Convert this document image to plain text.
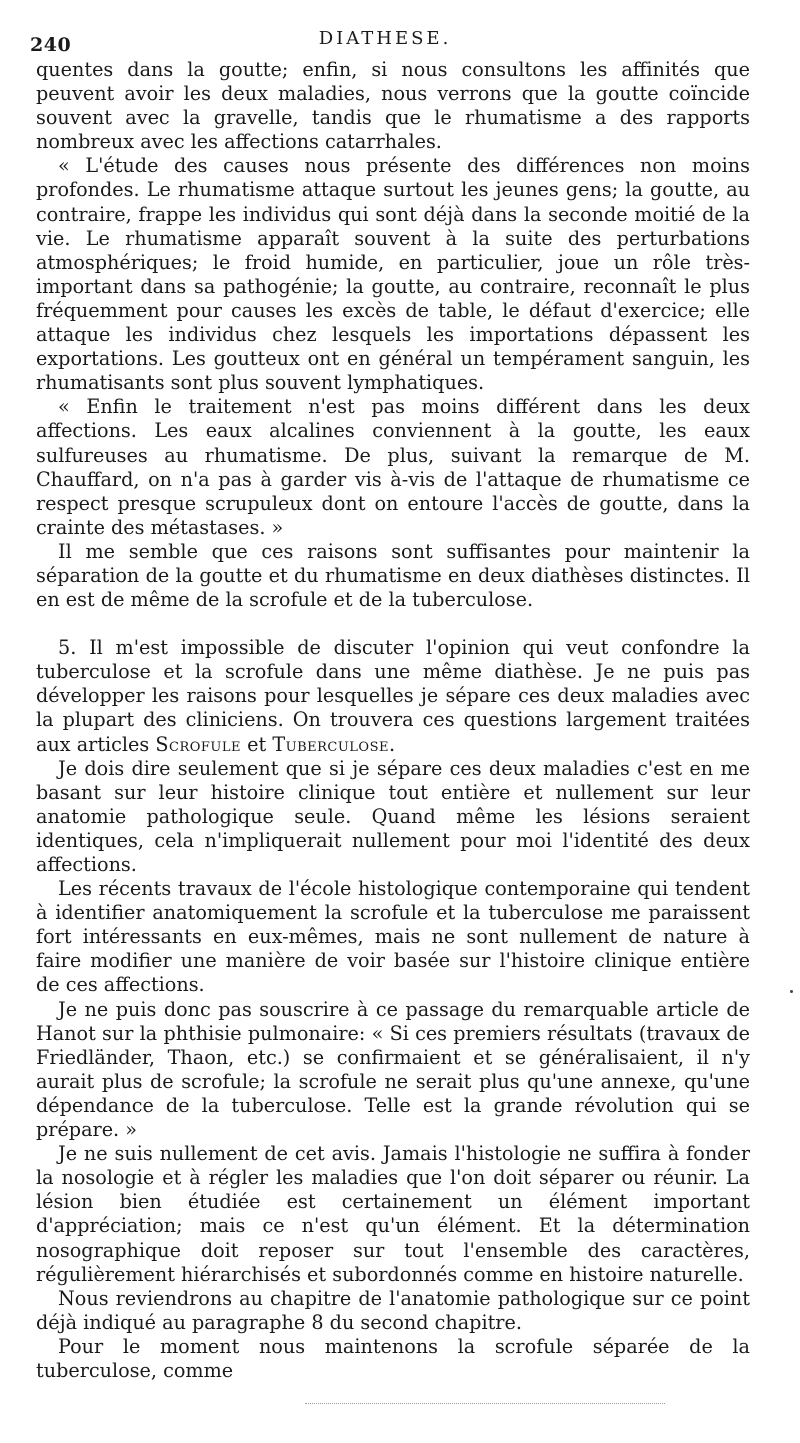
240	DIATHESE.

quentes dans la goutte; enfin, si nous consultons les affinités que peuvent avoir les deux maladies, nous verrons que la goutte coïncide souvent avec la gravelle, tandis que le rhumatisme a des rapports nombreux avec les affections catarrhales.

« L'étude des causes nous présente des différences non moins profondes. Le rhumatisme attaque surtout les jeunes gens; la goutte, au contraire, frappe les individus qui sont déjà dans la seconde moitié de la vie. Le rhumatisme apparaît souvent à la suite des perturbations atmosphériques; le froid humide, en particulier, joue un rôle très-important dans sa pathogénie; la goutte, au contraire, reconnaît le plus fréquemment pour causes les excès de table, le défaut d'exercice; elle attaque les individus chez lesquels les importations dépassent les exportations. Les goutteux ont en général un tempérament sanguin, les rhumatisants sont plus souvent lymphatiques.

« Enfin le traitement n'est pas moins différent dans les deux affections. Les eaux alcalines conviennent à la goutte, les eaux sulfureuses au rhumatisme. De plus, suivant la remarque de M. Chauffard, on n'a pas à garder vis à-vis de l'attaque de rhumatisme ce respect presque scrupuleux dont on entoure l'accès de goutte, dans la crainte des métastases. »

Il me semble que ces raisons sont suffisantes pour maintenir la séparation de la goutte et du rhumatisme en deux diathèses distinctes. Il en est de même de la scrofule et de la tuberculose.

5. Il m'est impossible de discuter l'opinion qui veut confondre la tuberculose et la scrofule dans une même diathèse. Je ne puis pas développer les raisons pour lesquelles je sépare ces deux maladies avec la plupart des cliniciens. On trouvera ces questions largement traitées aux articles Scrofule et Tuberculose.

Je dois dire seulement que si je sépare ces deux maladies c'est en me basant sur leur histoire clinique tout entière et nullement sur leur anatomie pathologique seule. Quand même les lésions seraient identiques, cela n'impliquerait nullement pour moi l'identité des deux affections.

Les récents travaux de l'école histologique contemporaine qui tendent à identifier anatomiquement la scrofule et la tuberculose me paraissent fort intéressants en eux-mêmes, mais ne sont nullement de nature à faire modifier une manière de voir basée sur l'histoire clinique entière de ces affections.

Je ne puis donc pas souscrire à ce passage du remarquable article de Hanot sur la phthisie pulmonaire: « Si ces premiers résultats (travaux de Friedländer, Thaon, etc.) se confirmaient et se généralisaient, il n'y aurait plus de scrofule; la scrofule ne serait plus qu'une annexe, qu'une dépendance de la tuberculose. Telle est la grande révolution qui se prépare. »

Je ne suis nullement de cet avis. Jamais l'histologie ne suffira à fonder la nosologie et à régler les maladies que l'on doit séparer ou réunir. La lésion bien étudiée est certainement un élément important d'appréciation; mais ce n'est qu'un élément. Et la détermination nosographique doit reposer sur tout l'ensemble des caractères, régulièrement hiérarchisés et subordonnés comme en histoire naturelle.

Nous reviendrons au chapitre de l'anatomie pathologique sur ce point déjà indiqué au paragraphe 8 du second chapitre.

Pour le moment nous maintenons la scrofule séparée de la tuberculose, comme
